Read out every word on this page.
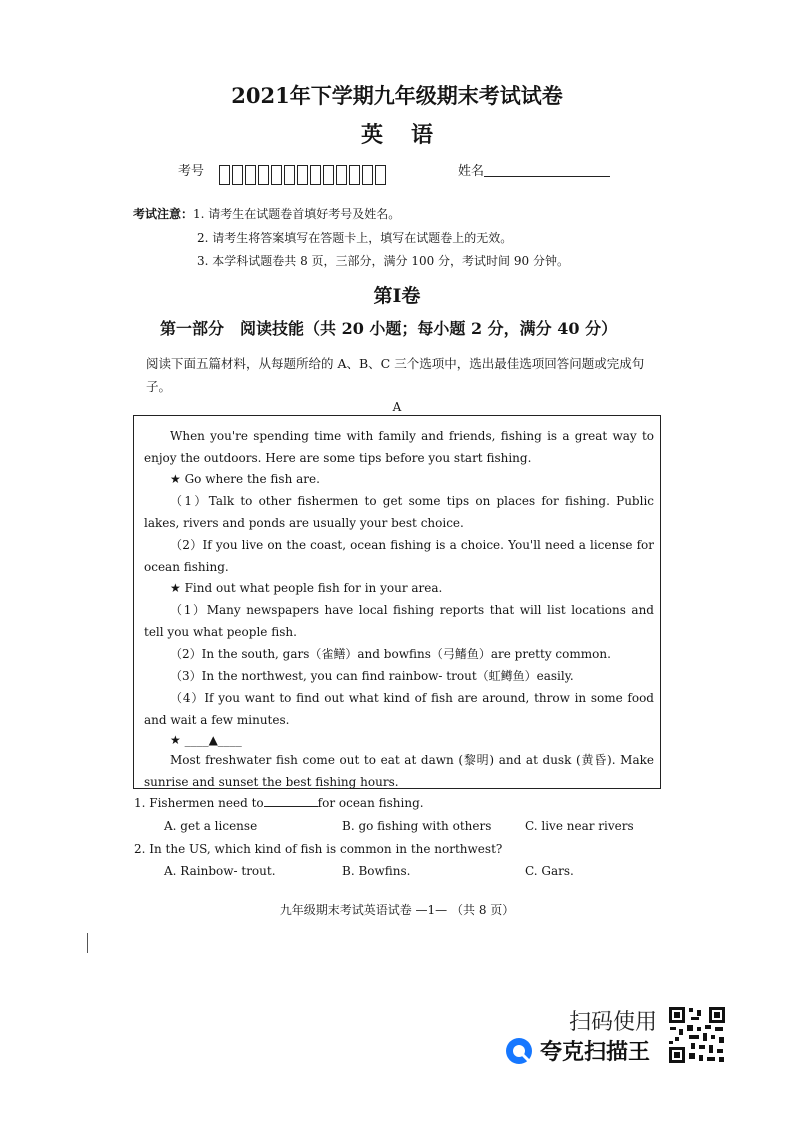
2021年下学期九年级期末考试试卷
英语
考号	姓名
考试注意：1. 请考生在试题卷首填好考号及姓名。
2. 请考生将答案填写在答题卡上，填写在试题卷上的无效。
3. 本学科试题卷共 8 页，三部分，满分 100 分，考试时间 90 分钟。
第Ⅰ卷
第一部分　阅读技能（共 20 小题；每小题 2 分，满分 40 分）
阅读下面五篇材料，从每题所给的 A、B、C 三个选项中，选出最佳选项回答问题或完成句子。
A
When you're spending time with family and friends, fishing is a great way to enjoy the outdoors. Here are some tips before you start fishing.
★ Go where the fish are.
（1）Talk to other fishermen to get some tips on places for fishing. Public lakes, rivers and ponds are usually your best choice.
（2）If you live on the coast, ocean fishing is a choice. You'll need a license for ocean fishing.
★ Find out what people fish for in your area.
（1）Many newspapers have local fishing reports that will list locations and tell you what people fish.
（2）In the south, gars（雀鳝）and bowfins（弓鳍鱼）are pretty common.
（3）In the northwest, you can find rainbow- trout（虹鳟鱼）easily.
（4）If you want to find out what kind of fish are around, throw in some food and wait a few minutes.
★ ____▲____
Most freshwater fish come out to eat at dawn (黎明) and at dusk (黄昏). Make sunrise and sunset the best fishing hours.
1. Fishermen need to	for ocean fishing.
A. get a license	B. go fishing with others	C. live near rivers
2. In the US, which kind of fish is common in the northwest?
A. Rainbow- trout.	B. Bowfins.	C. Gars.
九年级期末考试英语试卷 —1— （共 8 页）
扫码使用
夸克扫描王
